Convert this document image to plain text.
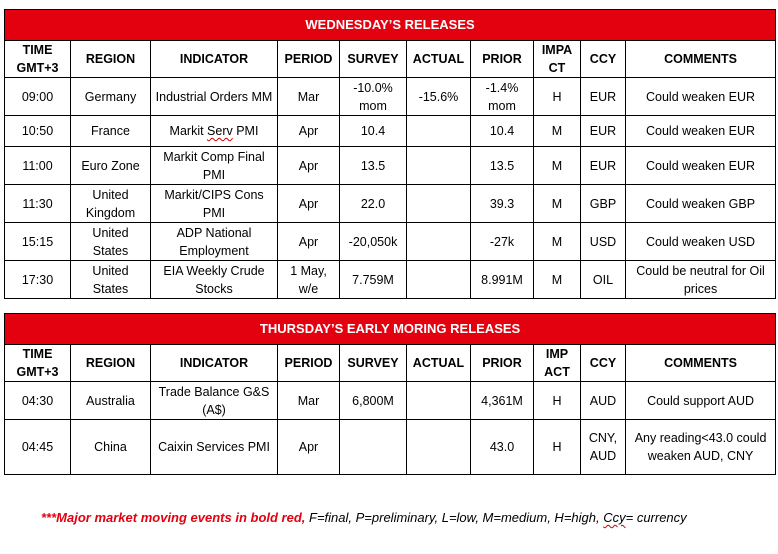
WEDNESDAY’S RELEASES									
TIME GMT+3	REGION	INDICATOR	PERIOD	SURVEY	ACTUAL	PRIOR	IMPA CT	CCY	COMMENTS
09:00	Germany	Industrial Orders MM	Mar	-10.0% mom	-15.6%	-1.4% mom	H	EUR	Could weaken EUR
10:50	France	Markit Serv PMI	Apr	10.4		10.4	M	EUR	Could weaken EUR
11:00	Euro Zone	Markit Comp Final PMI	Apr	13.5		13.5	M	EUR	Could weaken EUR
11:30	United Kingdom	Markit/CIPS Cons PMI	Apr	22.0		39.3	M	GBP	Could weaken GBP
15:15	United States	ADP National Employment	Apr	-20,050k		-27k	M	USD	Could weaken USD
17:30	United States	EIA Weekly Crude Stocks	1 May, w/e	7.759M		8.991M	M	OIL	Could be neutral for Oil prices
THURSDAY’S EARLY MORING RELEASES									
TIME GMT+3	REGION	INDICATOR	PERIOD	SURVEY	ACTUAL	PRIOR	IMP ACT	CCY	COMMENTS
04:30	Australia	Trade Balance G&S (A$)	Mar	6,800M		4,361M	H	AUD	Could support AUD
04:45	China	Caixin Services PMI	Apr			43.0	H	CNY, AUD	Any reading<43.0 could weaken AUD, CNY
***Major market moving events in bold red, F=final, P=preliminary, L=low, M=medium, H=high, Ccy= currency
